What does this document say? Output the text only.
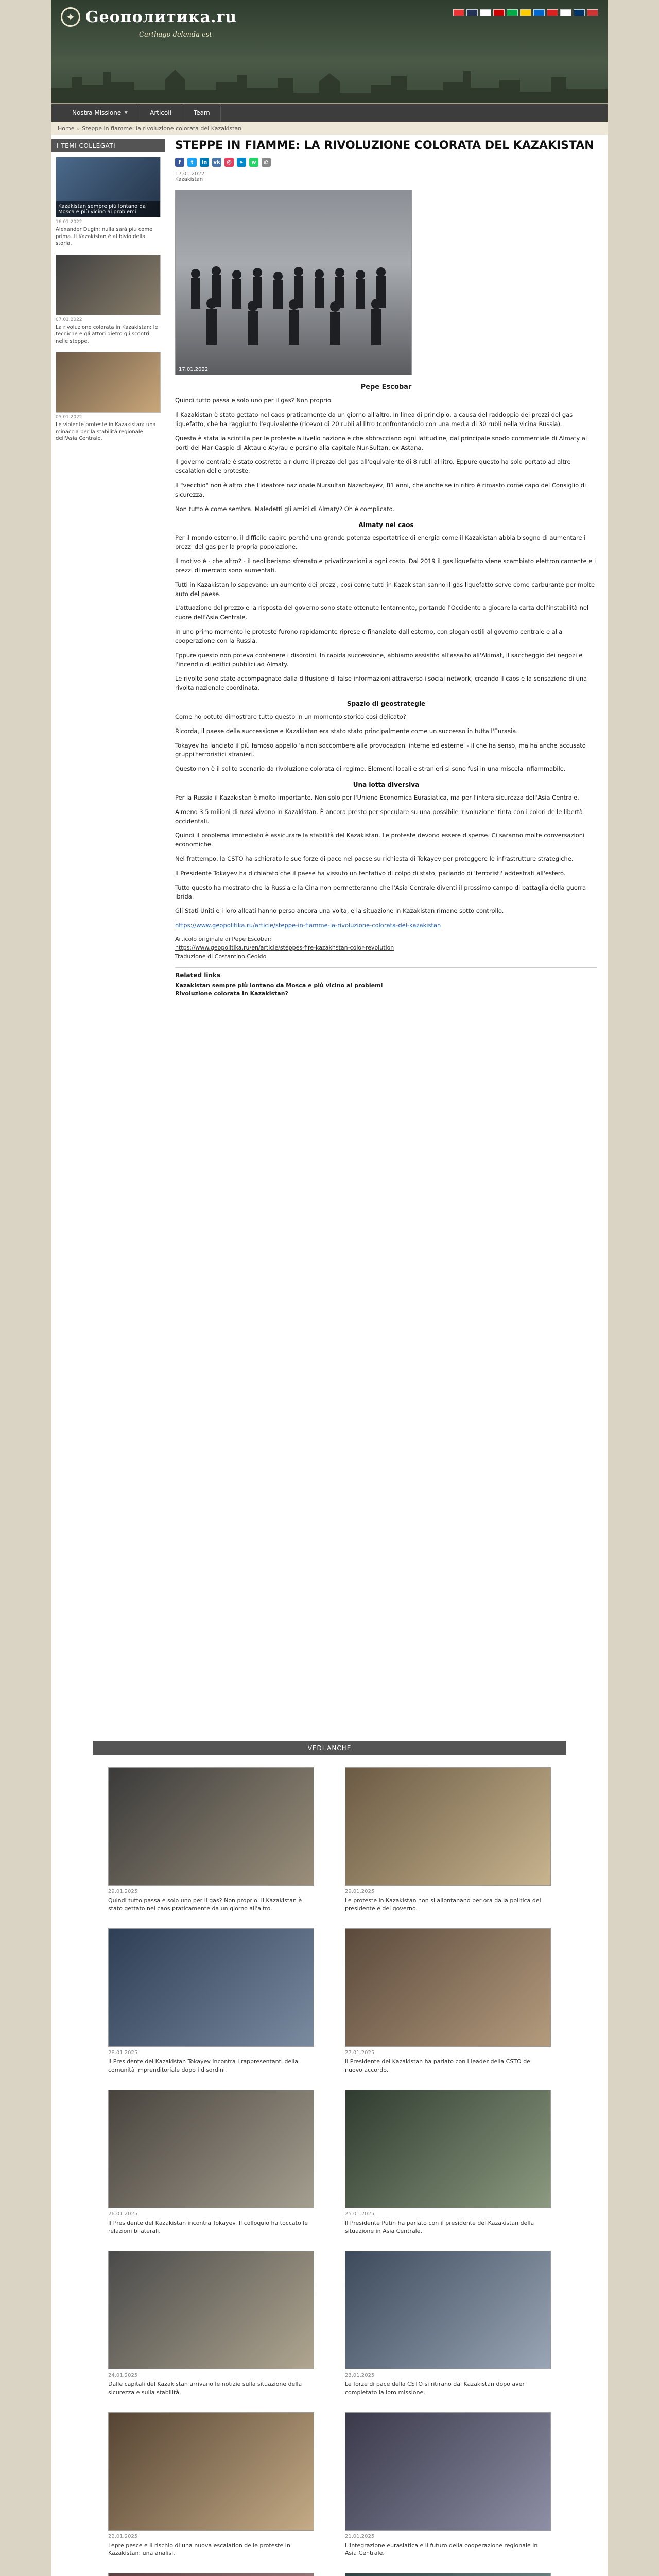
✦ Geoполитика.ru
Carthago delenda est
Nostra Missione ▼	Articoli	Team
Home » Steppe in fiamme: la rivoluzione colorata del Kazakistan
I TEMI COLLEGATI
Kazakistan sempre più lontano da Mosca e più vicino ai problemi
16.01.2022
Alexander Dugin: nulla sarà più come prima. Il Kazakistan è al bivio della storia.
07.01.2022
La rivoluzione colorata in Kazakistan: le tecniche e gli attori dietro gli scontri nelle steppe.
05.01.2022
Le violente proteste in Kazakistan: una minaccia per la stabilità regionale dell'Asia Centrale.
STEPPE IN FIAMME: LA RIVOLUZIONE COLORATA DEL KAZAKISTAN
f	t	in	vk	@	➤	w	⎙
17.01.2022
Kazakistan
17.01.2022
Pepe Escobar

Quindi tutto passa e solo uno per il gas? Non proprio.

Il Kazakistan è stato gettato nel caos praticamente da un giorno all'altro. In linea di principio, a causa del raddoppio dei prezzi del gas liquefatto, che ha raggiunto l'equivalente (ricevo) di 20 rubli al litro (confrontandolo con una media di 30 rubli nella vicina Russia).

Questa è stata la scintilla per le proteste a livello nazionale che abbracciano ogni latitudine, dal principale snodo commerciale di Almaty ai porti del Mar Caspio di Aktau e Atyrau e persino alla capitale Nur-Sultan, ex Astana.

Il governo centrale è stato costretto a ridurre il prezzo del gas all'equivalente di 8 rubli al litro. Eppure questo ha solo portato ad altre escalation delle proteste.

Il "vecchio" non è altro che l'ideatore nazionale Nursultan Nazarbayev, 81 anni, che anche se in ritiro è rimasto come capo del Consiglio di sicurezza.

Non tutto è come sembra. Maledetti gli amici di Almaty? Oh è complicato.

Almaty nel caos

Per il mondo esterno, il difficile capire perché una grande potenza esportatrice di energia come il Kazakistan abbia bisogno di aumentare i prezzi del gas per la propria popolazione.

Il motivo è - che altro? - il neoliberismo sfrenato e privatizzazioni a ogni costo. Dal 2019 il gas liquefatto viene scambiato elettronicamente e i prezzi di mercato sono aumentati.

Tutti in Kazakistan lo sapevano: un aumento dei prezzi, così come tutti in Kazakistan sanno il gas liquefatto serve come carburante per molte auto del paese.

L'attuazione del prezzo e la risposta del governo sono state ottenute lentamente, portando l'Occidente a giocare la carta dell'instabilità nel cuore dell'Asia Centrale.

In uno primo momento le proteste furono rapidamente riprese e finanziate dall'esterno, con slogan ostili al governo centrale e alla cooperazione con la Russia.

Eppure questo non poteva contenere i disordini. In rapida successione, abbiamo assistito all'assalto all'Akimat, il saccheggio dei negozi e l'incendio di edifici pubblici ad Almaty.

Le rivolte sono state accompagnate dalla diffusione di false informazioni attraverso i social network, creando il caos e la sensazione di una rivolta nazionale coordinata.

Spazio di geostrategie

Come ho potuto dimostrare tutto questo in un momento storico così delicato?

Ricorda, il paese della successione e Kazakistan era stato stato principalmente come un successo in tutta l'Eurasia.

Tokayev ha lanciato il più famoso appello 'a non soccombere alle provocazioni interne ed esterne' - il che ha senso, ma ha anche accusato gruppi terroristici stranieri.

Questo non è il solito scenario da rivoluzione colorata di regime. Elementi locali e stranieri si sono fusi in una miscela infiammabile.

Una lotta diversiva

Per la Russia il Kazakistan è molto importante. Non solo per l'Unione Economica Eurasiatica, ma per l'intera sicurezza dell'Asia Centrale.

Almeno 3.5 milioni di russi vivono in Kazakistan. È ancora presto per speculare su una possibile 'rivoluzione' tinta con i colori delle libertà occidentali.

Quindi il problema immediato è assicurare la stabilità del Kazakistan. Le proteste devono essere disperse. Ci saranno molte conversazioni economiche.

Nel frattempo, la CSTO ha schierato le sue forze di pace nel paese su richiesta di Tokayev per proteggere le infrastrutture strategiche.

Il Presidente Tokayev ha dichiarato che il paese ha vissuto un tentativo di colpo di stato, parlando di 'terroristi' addestrati all'estero.

Tutto questo ha mostrato che la Russia e la Cina non permetteranno che l'Asia Centrale diventi il prossimo campo di battaglia della guerra ibrida.

Gli Stati Uniti e i loro alleati hanno perso ancora una volta, e la situazione in Kazakistan rimane sotto controllo.

https://www.geopolitika.ru/article/steppe-in-fiamme-la-rivoluzione-colorata-del-kazakistan
Articolo originale di Pepe Escobar:
https://www.geopolitika.ru/en/article/steppes-fire-kazakhstan-color-revolution
Traduzione di Costantino Ceoldo
Related links
Kazakistan sempre più lontano da Mosca e più vicino ai problemi
Rivoluzione colorata in Kazakistan?
VEDI ANCHE
29.01.2025
Quindi tutto passa e solo uno per il gas? Non proprio. Il Kazakistan è stato gettato nel caos praticamente da un giorno all'altro.
29.01.2025
Le proteste in Kazakistan non si allontanano per ora dalla politica del presidente e del governo.
28.01.2025
Il Presidente del Kazakistan Tokayev incontra i rappresentanti della comunità imprenditoriale dopo i disordini.
27.01.2025
Il Presidente del Kazakistan ha parlato con i leader della CSTO del nuovo accordo.
26.01.2025
Il Presidente del Kazakistan incontra Tokayev. Il colloquio ha toccato le relazioni bilaterali.
25.01.2025
Il Presidente Putin ha parlato con il presidente del Kazakistan della situazione in Asia Centrale.
24.01.2025
Dalle capitali del Kazakistan arrivano le notizie sulla situazione della sicurezza e sulla stabilità.
23.01.2025
Le forze di pace della CSTO si ritirano dal Kazakistan dopo aver completato la loro missione.
22.01.2025
Lepre pesce e il rischio di una nuova escalation delle proteste in Kazakistan: una analisi.
21.01.2025
L'integrazione eurasiatica e il futuro della cooperazione regionale in Asia Centrale.
